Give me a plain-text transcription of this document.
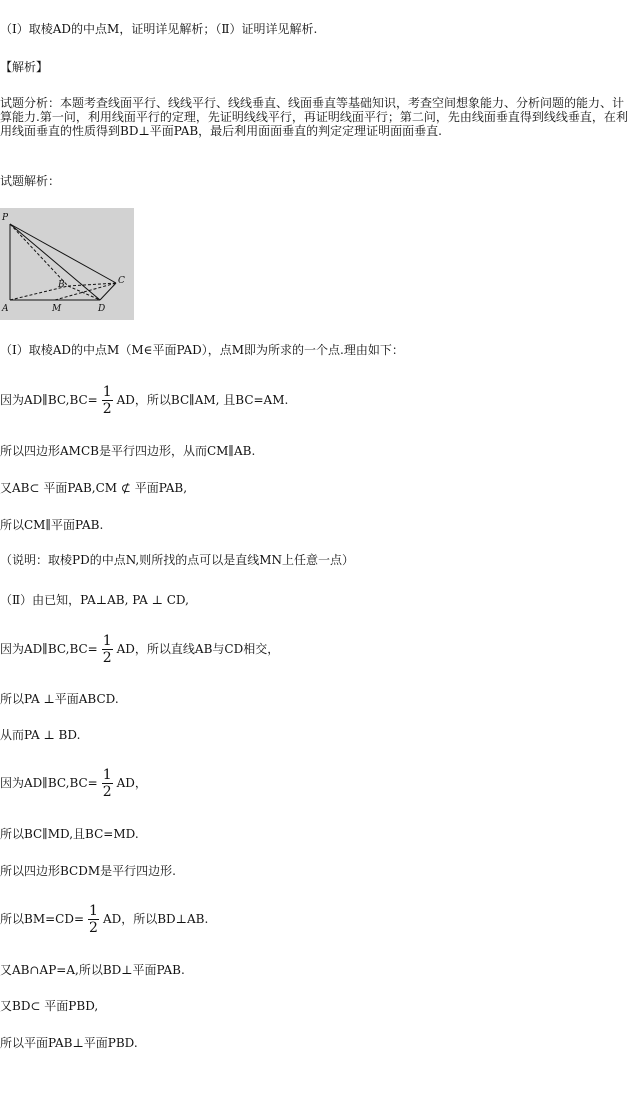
（Ⅰ）取棱AD的中点M，证明详见解析；（Ⅱ）证明详见解析.
【解析】
试题分析：本题考查线面平行、线线平行、线线垂直、线面垂直等基础知识，考查空间想象能力、分析问题的能力、计算能力.第一问，利用线面平行的定理，先证明线线平行，再证明线面平行；第二问，先由线面垂直得到线线垂直，在利用线面垂直的性质得到BD⊥平面PAB，最后利用面面垂直的判定定理证明面面垂直.
试题解析：
P
A	M	D
B	C
（Ⅰ）取棱AD的中点M（M∈平面PAD），点M即为所求的一个点.理由如下：
因为AD∥BC,BC= $\frac{1}{2}$ AD，所以BC∥AM, 且BC=AM.
所以四边形AMCB是平行四边形，从而CM∥AB.
又AB⊂ 平面PAB,CM ⊄ 平面PAB,
所以CM∥平面PAB.
（说明：取棱PD的中点N,则所找的点可以是直线MN上任意一点）
（Ⅱ）由已知，PA⊥AB, PA ⊥ CD,
因为AD∥BC,BC= $\frac{1}{2}$ AD，所以直线AB与CD相交，
所以PA ⊥平面ABCD.
从而PA ⊥ BD.
因为AD∥BC,BC= $\frac{1}{2}$ AD，
所以BC∥MD,且BC=MD.
所以四边形BCDM是平行四边形.
所以$BM=CD= \frac{1}{2}$ AD，所以BD⊥AB.
又AB∩AP=A,所以BD⊥平面PAB.
又BD⊂ 平面PBD,
所以平面PAB⊥平面PBD.
